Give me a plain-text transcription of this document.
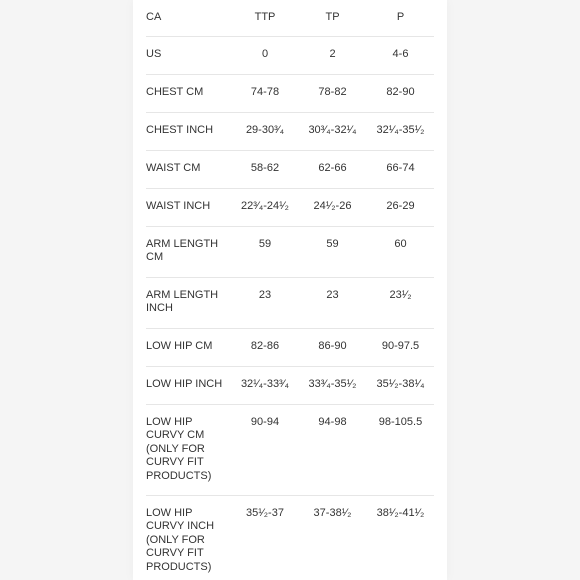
CA	TTP	TP	P
US	0	2	4-6
CHEST CM	74-78	78-82	82-90
CHEST INCH	29-30³⁄₄	30³⁄₄-32¹⁄₄	32¹⁄₄-35¹⁄₂
WAIST CM	58-62	62-66	66-74
WAIST INCH	22³⁄₄-24¹⁄₂	24¹⁄₂-26	26-29
ARM LENGTH CM	59	59	60
ARM LENGTH INCH	23	23	23¹⁄₂
LOW HIP CM	82-86	86-90	90-97.5
LOW HIP INCH	32¹⁄₄-33³⁄₄	33³⁄₄-35¹⁄₂	35¹⁄₂-38¹⁄₄
LOW HIP CURVY CM (ONLY FOR CURVY FIT PRODUCTS)	90-94	94-98	98-105.5
LOW HIP CURVY INCH (ONLY FOR CURVY FIT PRODUCTS)	35¹⁄₂-37	37-38¹⁄₂	38¹⁄₂-41¹⁄₂
